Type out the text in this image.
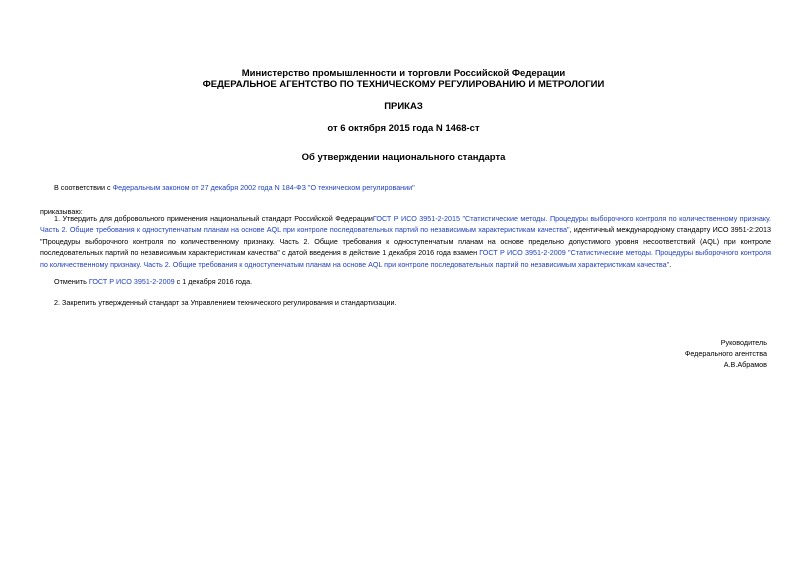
Министерство промышленности и торговли Российской Федерации
ФЕДЕРАЛЬНОЕ АГЕНТСТВО ПО ТЕХНИЧЕСКОМУ РЕГУЛИРОВАНИЮ И МЕТРОЛОГИИ
ПРИКАЗ
от 6 октября 2015 года N 1468-ст
Об утверждении национального стандарта
В соответствии с Федеральным законом от 27 декабря 2002 года N 184-ФЗ "О техническом регулировании"
приказываю:
1. Утвердить для добровольного применения национальный стандарт Российской ФедерацииГОСТ Р ИСО 3951-2-2015 "Статистические методы. Процедуры выборочного контроля по количественному признаку. Часть 2. Общие требования к одноступенчатым планам на основе AQL при контроле последовательных партий по независимым характеристикам качества", идентичный международному стандарту ИСО 3951-2:2013 "Процедуры выборочного контроля по количественному признаку. Часть 2. Общие требования к одноступенчатым планам на основе предельно допустимого уровня несоответствий (AQL) при контроле последовательных партий по независимым характеристикам качества" с датой введения в действие 1 декабря 2016 года взамен ГОСТ Р ИСО 3951-2-2009 "Статистические методы. Процедуры выборочного контроля по количественному признаку. Часть 2. Общие требования к одноступенчатым планам на основе AQL при контроле последовательных партий по независимым характеристикам качества".
Отменить ГОСТ Р ИСО 3951-2-2009 с 1 декабря 2016 года.
2. Закрепить утвержденный стандарт за Управлением технического регулирования и стандартизации.
Руководитель
Федерального агентства
А.В.Абрамов
